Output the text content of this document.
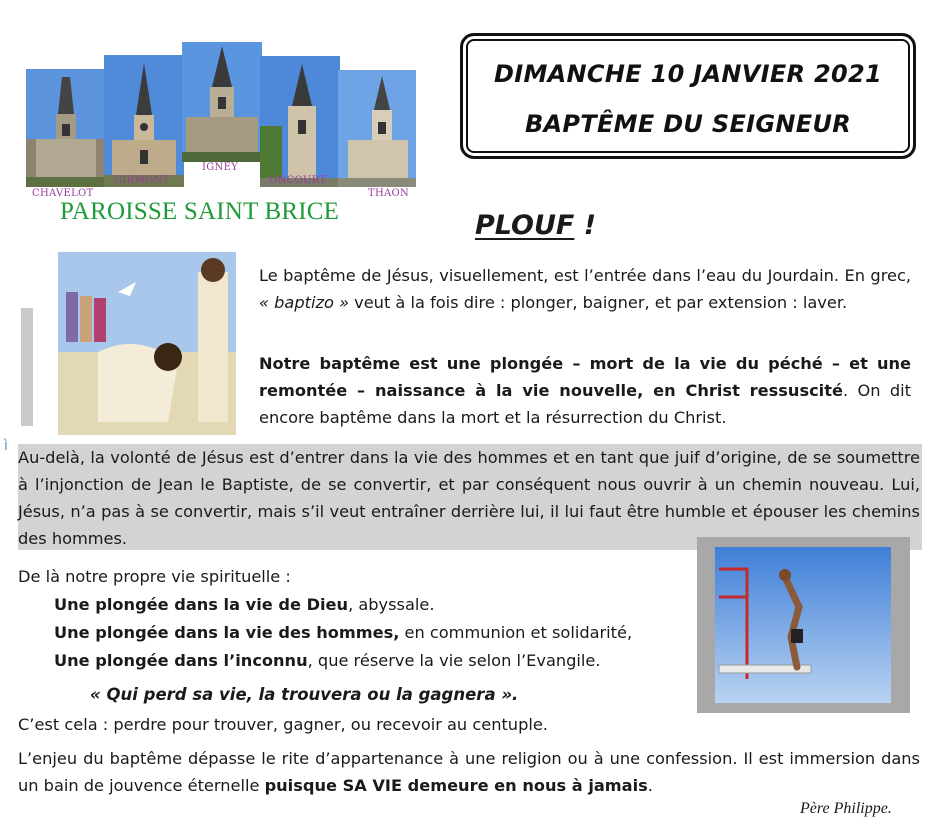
CHAVELOT
GIRMONT
IGNEY
ONCOURT
THAON
PAROISSE SAINT BRICE
DIMANCHE 10 JANVIER 2021
BAPTÊME DU SEIGNEUR
PLOUF !
ì
Le baptême de Jésus, visuellement, est l’entrée dans l’eau du Jourdain. En grec, « baptizo » veut à la fois dire : plonger, baigner, et par extension : laver.
Notre baptême est une plongée – mort de la vie du péché – et une remontée – naissance à la vie nouvelle, en Christ ressuscité. On dit encore baptême dans la mort et la résurrection du Christ.
Au-delà, la volonté de Jésus est d’entrer dans la vie des hommes et en tant que juif d’origine, de se soumettre à l’injonction de Jean le Baptiste, de se convertir, et par conséquent nous ouvrir à un chemin nouveau. Lui, Jésus, n’a pas à se convertir, mais s’il veut entraîner derrière lui, il lui faut être humble et épouser les chemins des hommes.
De là notre propre vie spirituelle :
Une plongée dans la vie de Dieu, abyssale.
Une plongée dans la vie des hommes, en communion et solidarité,
Une plongée dans l’inconnu, que réserve la vie selon l’Evangile.
« Qui perd sa vie, la trouvera ou la gagnera ».
C’est cela : perdre pour trouver, gagner, ou recevoir au centuple.
L’enjeu du baptême dépasse le rite d’appartenance à une religion ou à une confession. Il est immersion dans un bain de jouvence éternelle puisque SA VIE demeure en nous à jamais.
Père Philippe.
